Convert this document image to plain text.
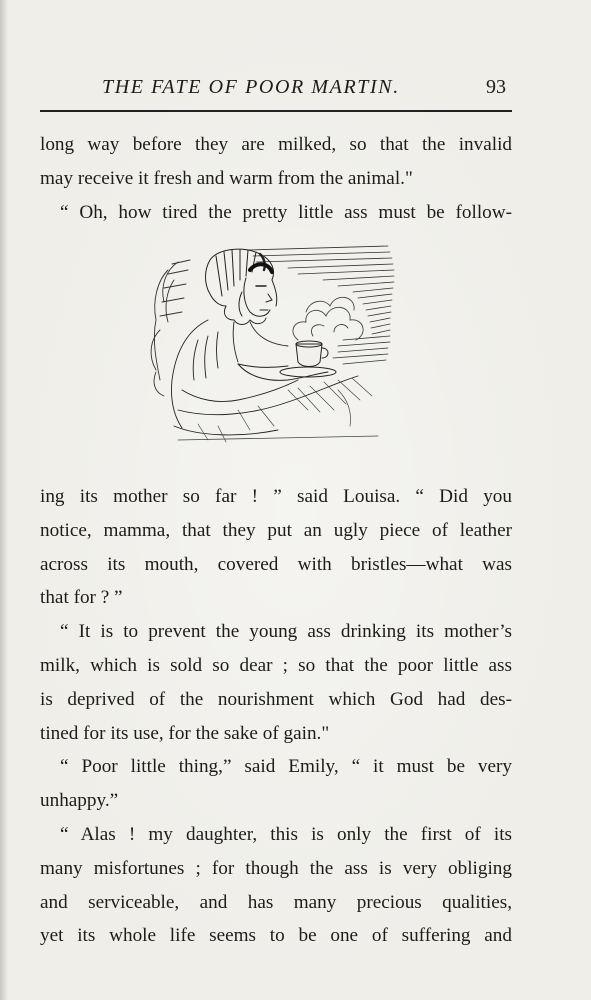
THE FATE OF POOR MARTIN.	93
long way before they are milked, so that the invalid
may receive it fresh and warm from the animal."
“ Oh, how tired the pretty little ass must be follow-
ing its mother so far ! ” said Louisa. “ Did you
notice, mamma, that they put an ugly piece of leather
across its mouth, covered with bristles—what was
that for ? ”
“ It is to prevent the young ass drinking its mother’s
milk, which is sold so dear ; so that the poor little ass
is deprived of the nourishment which God had des-
tined for its use, for the sake of gain."
“ Poor little thing,” said Emily, “ it must be very
unhappy.”
“ Alas ! my daughter, this is only the first of its
many misfortunes ; for though the ass is very obliging
and serviceable, and has many precious qualities,
yet its whole life seems to be one of suffering and
